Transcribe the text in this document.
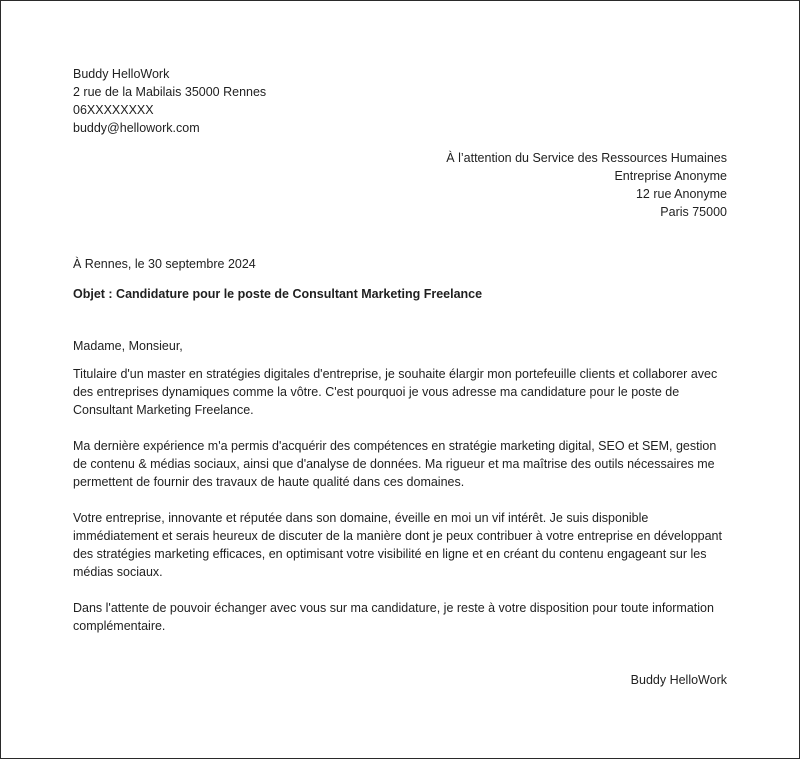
Buddy HelloWork
2 rue de la Mabilais 35000 Rennes
06XXXXXXXX
buddy@hellowork.com
À l’attention du Service des Ressources Humaines
Entreprise Anonyme
12 rue Anonyme
Paris 75000
À Rennes, le 30 septembre 2024
Objet : Candidature pour le poste de Consultant Marketing Freelance
Madame, Monsieur,
Titulaire d'un master en stratégies digitales d'entreprise, je souhaite élargir mon portefeuille clients et collaborer avec des entreprises dynamiques comme la vôtre. C'est pourquoi je vous adresse ma candidature pour le poste de Consultant Marketing Freelance.
Ma dernière expérience m'a permis d'acquérir des compétences en stratégie marketing digital, SEO et SEM, gestion de contenu & médias sociaux, ainsi que d'analyse de données. Ma rigueur et ma maîtrise des outils nécessaires me permettent de fournir des travaux de haute qualité dans ces domaines.
Votre entreprise, innovante et réputée dans son domaine, éveille en moi un vif intérêt. Je suis disponible immédiatement et serais heureux de discuter de la manière dont je peux contribuer à votre entreprise en développant des stratégies marketing efficaces, en optimisant votre visibilité en ligne et en créant du contenu engageant sur les médias sociaux.
Dans l'attente de pouvoir échanger avec vous sur ma candidature, je reste à votre disposition pour toute information complémentaire.
Buddy HelloWork
